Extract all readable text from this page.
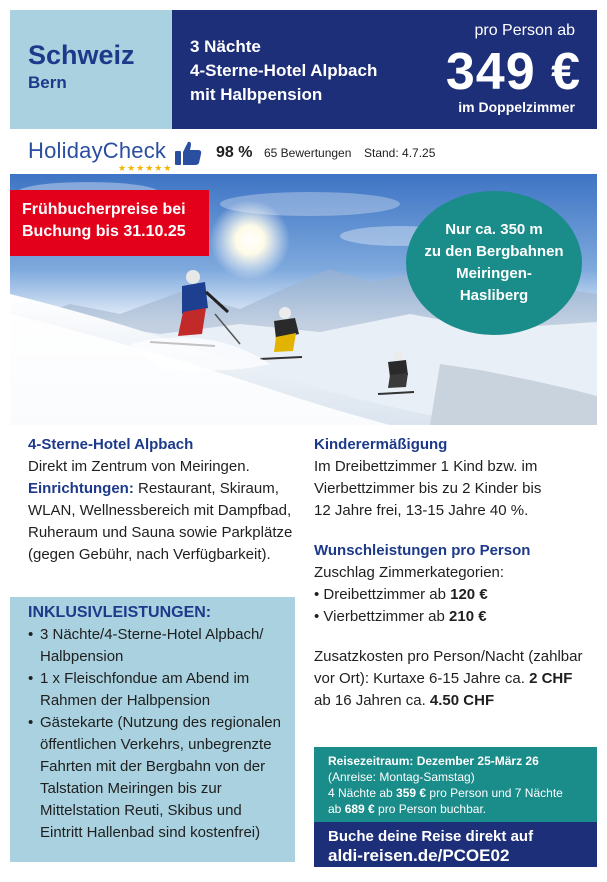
Schweiz
Bern
3 Nächte
4-Sterne-Hotel Alpbach
mit Halbpension
pro Person ab
349 €
im Doppelzimmer
HolidayCheck
★★★★★★
98 % 65 Bewertungen Stand: 4.7.25
Frühbucherpreise bei
Buchung bis 31.10.25	Nur ca. 350 m
zu den Bergbahnen
Meiringen-
Hasliberg
4-Sterne-Hotel Alpbach
Direkt im Zentrum von Meiringen.
Einrichtungen: Restaurant, Skiraum, WLAN, Wellnessbereich mit Dampfbad, Ruheraum und Sauna sowie Parkplätze (gegen Gebühr, nach Verfügbarkeit).
INKLUSIVLEISTUNGEN:
• 3 Nächte/4-Sterne-Hotel Alpbach/ Halbpension
• 1 x Fleischfondue am Abend im Rahmen der Halbpension
• Gästekarte (Nutzung des regionalen öffentlichen Verkehrs, unbegrenzte Fahrten mit der Bergbahn von der Talstation Meiringen bis zur Mittelstation Reuti, Skibus und Eintritt Hallenbad sind kostenfrei)
Kinderermäßigung
Im Dreibettzimmer 1 Kind bzw. im
Vierbettzimmer bis zu 2 Kinder bis
12 Jahre frei, 13-15 Jahre 40 %.
Wunschleistungen pro Person
Zuschlag Zimmerkategorien:
• Dreibettzimmer ab 120 €
• Vierbettzimmer ab 210 €
Zusatzkosten pro Person/Nacht (zahlbar
vor Ort): Kurtaxe 6-15 Jahre ca. 2 CHF
ab 16 Jahren ca. 4.50 CHF
Reisezeitraum: Dezember 25-März 26
(Anreise: Montag-Samstag)
4 Nächte ab 359 € pro Person und 7 Nächte
ab 689 € pro Person buchbar.
Buche deine Reise direkt auf
aldi-reisen.de/PCOE02
